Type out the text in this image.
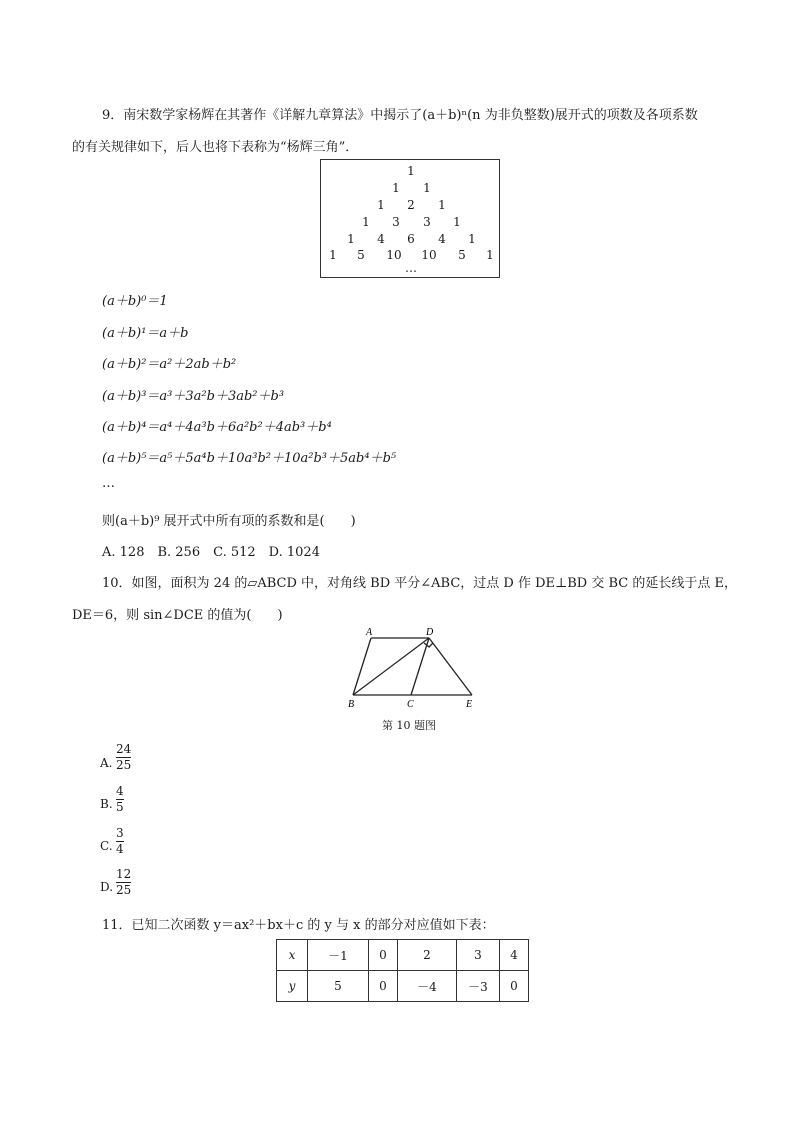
9．南宋数学家杨辉在其著作《详解九章算法》中揭示了(a＋b)ⁿ(n 为非负整数)展开式的项数及各项系数
的有关规律如下，后人也将下表称为“杨辉三角”．
1
1 1
1 2 1
1 3 3 1
1 4 6 4 1
1 5 10 10 5 1
…
(a＋b)⁰＝1
(a＋b)¹＝a＋b
(a＋b)²＝a²＋2ab＋b²
(a＋b)³＝a³＋3a²b＋3ab²＋b³
(a＋b)⁴＝a⁴＋4a³b＋6a²b²＋4ab³＋b⁴
(a＋b)⁵＝a⁵＋5a⁴b＋10a³b²＋10a²b³＋5ab⁴＋b⁵
…
则(a＋b)⁹ 展开式中所有项的系数和是(　　)
A. 128　B. 256　C. 512　D. 1024
10．如图，面积为 24 的▱ABCD 中，对角线 BD 平分∠ABC，过点 D 作 DE⊥BD 交 BC 的延长线于点 E，
DE＝6，则 sin∠DCE 的值为(　　)
A	D
B	C	E
第 10 题图
A.
24
25
B.
4
5
C.
3
4
D.
12
25
11．已知二次函数 y＝ax²＋bx＋c 的 y 与 x 的部分对应值如下表：
x	－1	0	2	3	4
y	5	0	－4	－3	0
